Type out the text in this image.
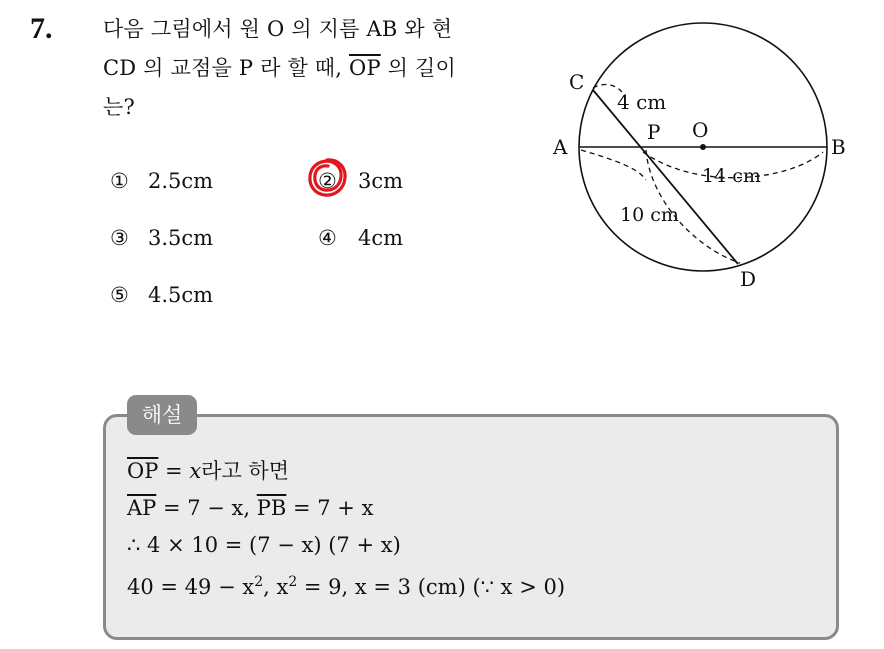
7. 다음 그림에서 원 O 의 지름 AB 와 현
CD 의 교점을 P 라 할 때, $\overline{OP}$ 의 길이
는?
① 2.5cm	② 3cm
③ 3.5cm	④ 4cm
⑤ 4.5cm
C
A	B
D
O
P
4 cm
14 cm
10 cm
해설
$\overline{OP} = x$라고 하면
$\overline{AP} = 7 - x$, $\overline{PB} = 7 + x$
∴ 4 × 10 = (7 − x) (7 + x)
$40 = 49 - x^2$, $x^2 = 9$, x = 3 (cm) (∵ x > 0)
